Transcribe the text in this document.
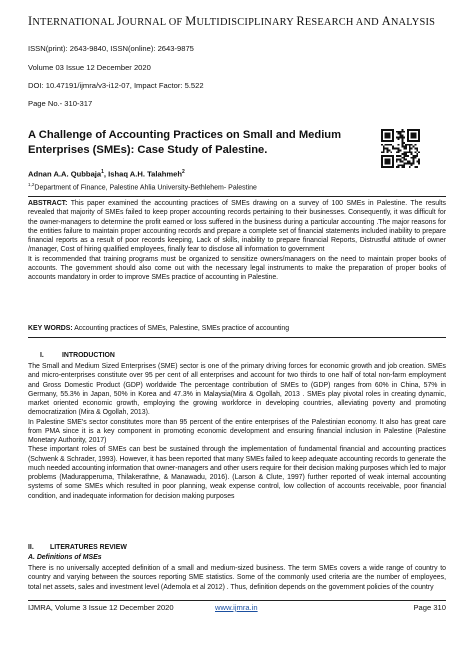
INTERNATIONAL JOURNAL OF MULTIDISCIPLINARY RESEARCH AND ANALYSIS
ISSN(print): 2643-9840, ISSN(online): 2643-9875
Volume 03 Issue 12 December 2020
DOI: 10.47191/ijmra/v3-i12-07, Impact Factor: 5.522
Page No.- 310-317
A Challenge of Accounting Practices on Small and Medium Enterprises (SMEs): Case Study of Palestine.
Adnan A.A. Qubbaja$^1$, Ishaq A.H. Talahmeh$^2$
$^{1,2}$Department of Finance, Palestine Ahlia University-Bethlehem- Palestine

ABSTRACT: This paper examined the accounting practices of SMEs drawing on a survey of 100 SMEs in Palestine. The results revealed that majority of SMEs failed to keep proper accounting records pertaining to their businesses. Consequently, it was difficult for the owner-managers to determine the profit earned or loss suffered in the business during a particular accounting .The major reasons for the entities failure to maintain proper accounting records and prepare a complete set of financial statements included inability to prepare financial reports as a result of poor records keeping, Lack of skills, inability to prepare financial Reports, Distrustful attitude of owner /manager, Cost of hiring qualified employees, finally fear to disclose all information to government

It is recommended that training programs must be organized to sensitize owners/managers on the need to maintain proper books of accounts. The government should also come out with the necessary legal instruments to make the preparation of proper books of accounts mandatory in order to improve SMEs practice of accounting in Palestine.

KEY WORDS: Accounting practices of SMEs, Palestine, SMEs practice of accounting
I.	INTRODUCTION

The Small and Medium Sized Enterprises (SME) sector is one of the primary driving forces for economic growth and job creation. SMEs and micro-enterprises constitute over 95 per cent of all enterprises and account for two thirds to one half of total non-farm employment and Gross Domestic Product (GDP) worldwide The percentage contribution of SMEs to (GDP) ranges from 60% in China, 57% in Germany, 55.3% in Japan, 50% in Korea and 47.3% in Malaysia(Mira & Ogollah, 2013 . SMEs play pivotal roles in creating dynamic, market oriented economic growth, employing the growing workforce in developing countries, alleviating poverty and promoting democratization (Mira & Ogollah, 2013).

In Palestine SME's sector constitutes more than 95 percent of the entire enterprises of the Palestinian economy. It also has great care from PMA since it is a key component in promoting economic development and ensuring financial inclusion in Palestine (Palestine Monetary Authority, 2017)

These important roles of SMEs can best be sustained through the implementation of fundamental financial and accounting practices (Schwenk & Schrader, 1993). However, it has been reported that many SMEs failed to keep adequate accounting records to generate the much needed accounting information that owner-managers and other users require for their decision making purposes which led to major problems (Madurapperuma, Thilakerathne, & Manawadu, 2016). (Larson & Clute, 1997) further reported of weak internal accounting systems of some SMEs which resulted in poor planning, weak expense control, low collection of accounts receivable, poor financial condition, and inadequate information for decision making purposes

II. LITERATURES REVIEW
A. Definitions of MSEs

There is no universally accepted definition of a small and medium-sized business. The term SMEs covers a wide range of country to country and varying between the sources reporting SME statistics. Some of the commonly used criteria are the number of employees, total net assets, sales and investment level (Ademola et al 2012) . Thus, definition depends on the government policies of the country

IJMRA, Volume 3 Issue 12 December 2020	www.ijmra.in	Page 310
